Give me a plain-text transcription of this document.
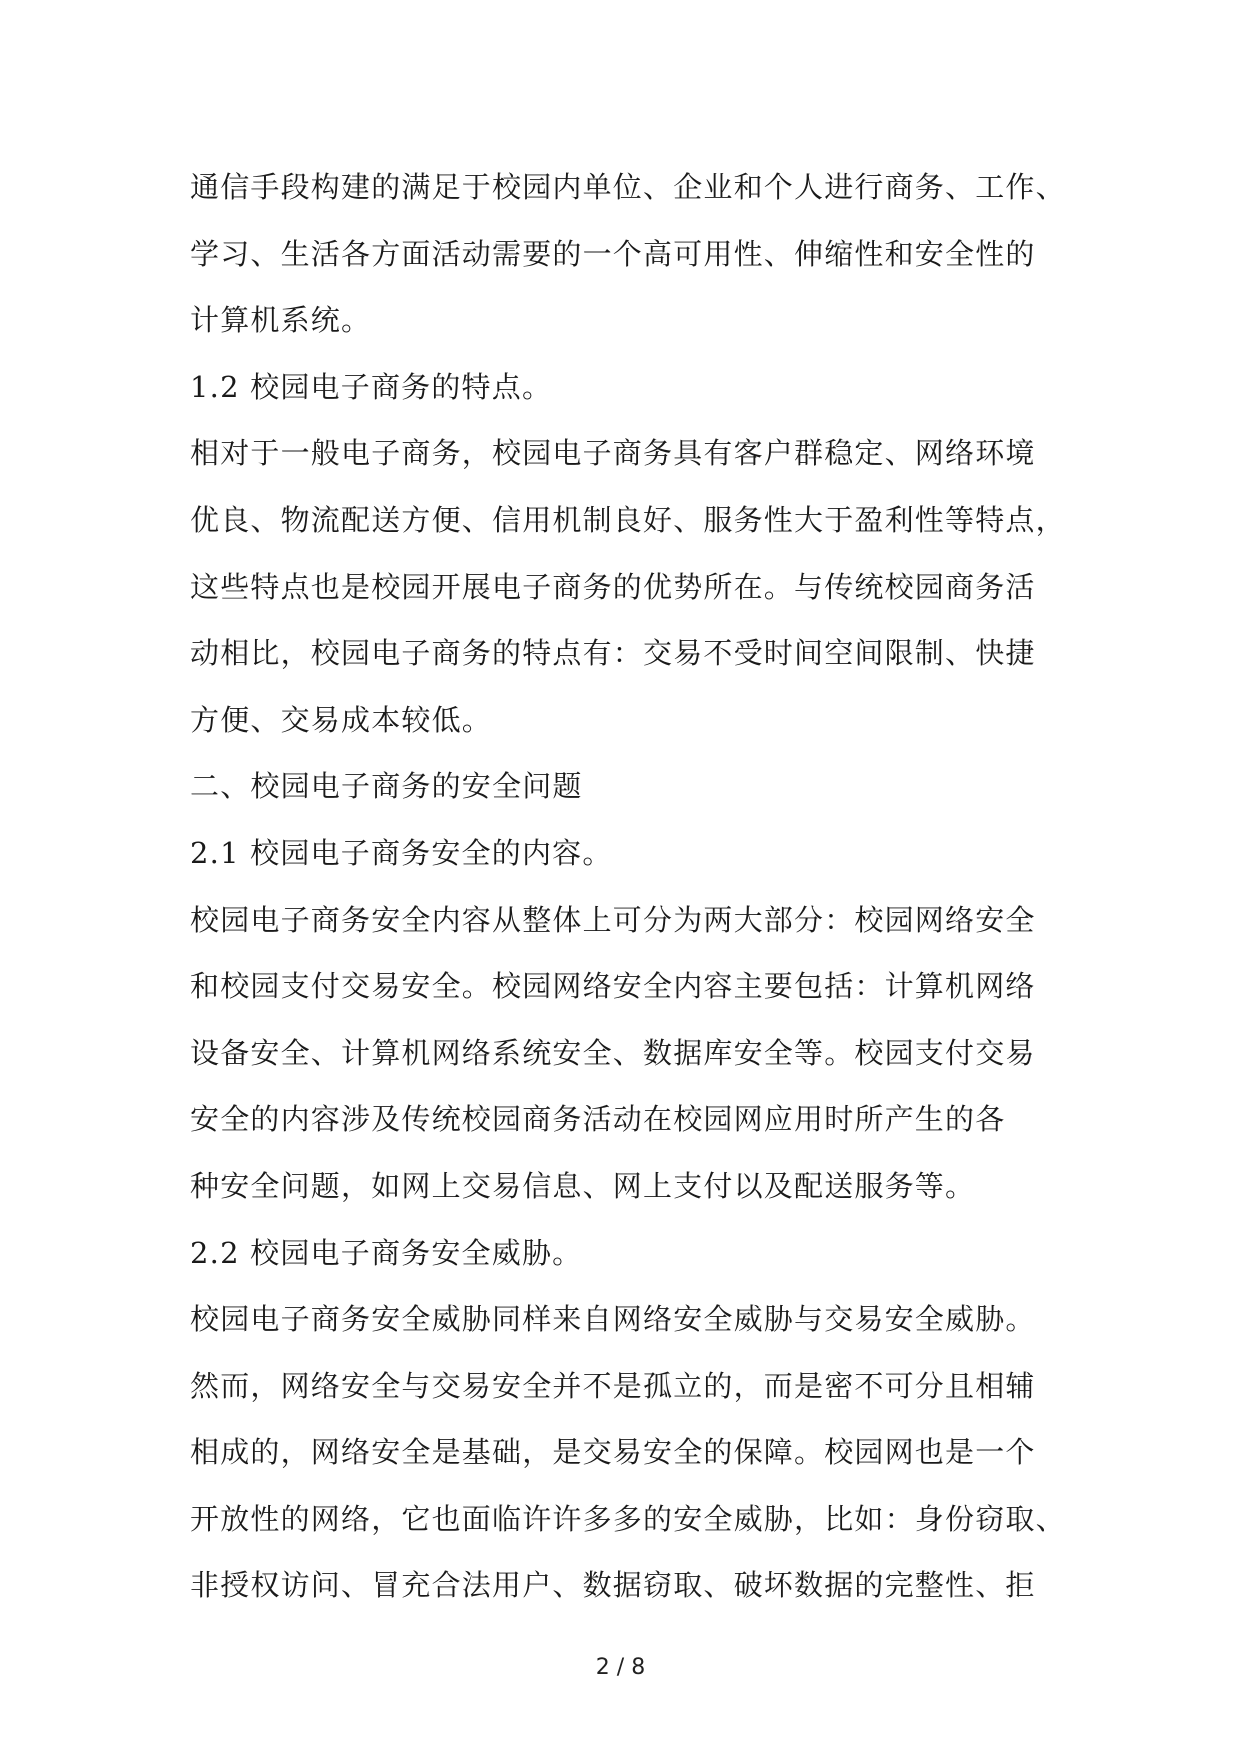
通信手段构建的满足于校园内单位、企业和个人进行商务、工作、
学习、生活各方面活动需要的一个高可用性、伸缩性和安全性的
计算机系统。
1.2 校园电子商务的特点。
相对于一般电子商务，校园电子商务具有客户群稳定、网络环境
优良、物流配送方便、信用机制良好、服务性大于盈利性等特点，
这些特点也是校园开展电子商务的优势所在。与传统校园商务活
动相比，校园电子商务的特点有：交易不受时间空间限制、快捷
方便、交易成本较低。
二、校园电子商务的安全问题
2.1 校园电子商务安全的内容。
校园电子商务安全内容从整体上可分为两大部分：校园网络安全
和校园支付交易安全。校园网络安全内容主要包括：计算机网络
设备安全、计算机网络系统安全、数据库安全等。校园支付交易
安全的内容涉及传统校园商务活动在校园网应用时所产生的各
种安全问题，如网上交易信息、网上支付以及配送服务等。
2.2 校园电子商务安全威胁。
校园电子商务安全威胁同样来自网络安全威胁与交易安全威胁。
然而，网络安全与交易安全并不是孤立的，而是密不可分且相辅
相成的，网络安全是基础，是交易安全的保障。校园网也是一个
开放性的网络，它也面临许许多多的安全威胁，比如：身份窃取、
非授权访问、冒充合法用户、数据窃取、破坏数据的完整性、拒
2 / 8
